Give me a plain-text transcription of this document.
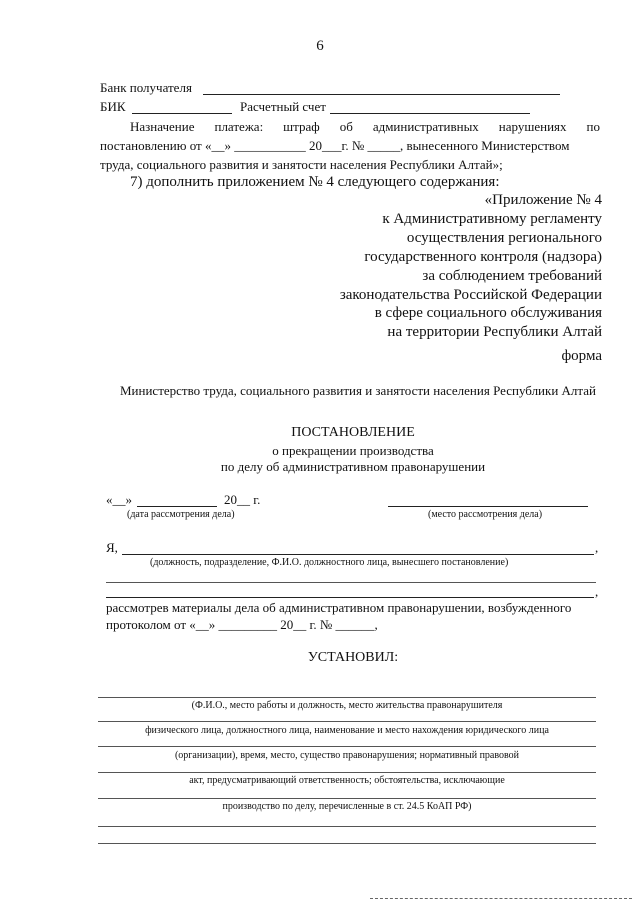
6
Банк получателя
БИК	Расчетный счет
Назначение платежа: штраф об административных нарушениях по
постановлению от «__» ___________ 20___г. № _____, вынесенного Министерством
труда, социального развития и занятости населения Республики Алтай»;
7) дополнить приложением № 4 следующего содержания:
«Приложение № 4
к Административному регламенту
осуществления регионального
государственного контроля (надзора)
за соблюдением требований
законодательства Российской Федерации
в сфере социального обслуживания
на территории Республики Алтай
форма
Министерство труда, социального развития и занятости населения Республики Алтай
ПОСТАНОВЛЕНИЕ
о прекращении производства
по делу об административном правонарушении
«__»	20__ г.
(дата рассмотрения дела)	(место рассмотрения дела)
Я,	,
(должность, подразделение, Ф.И.О. должностного лица, вынесшего постановление)
,
рассмотрев материалы дела об административном правонарушении, возбужденного
протоколом от «__» _________ 20__ г. № ______,
УСТАНОВИЛ:
(Ф.И.О., место работы и должность, место жительства правонарушителя
физического лица, должностного лица, наименование и место нахождения юридического лица
(организации), время, место, существо правонарушения; нормативный правовой
акт, предусматривающий ответственность; обстоятельства, исключающие
производство по делу, перечисленные в ст. 24.5 КоАП РФ)
